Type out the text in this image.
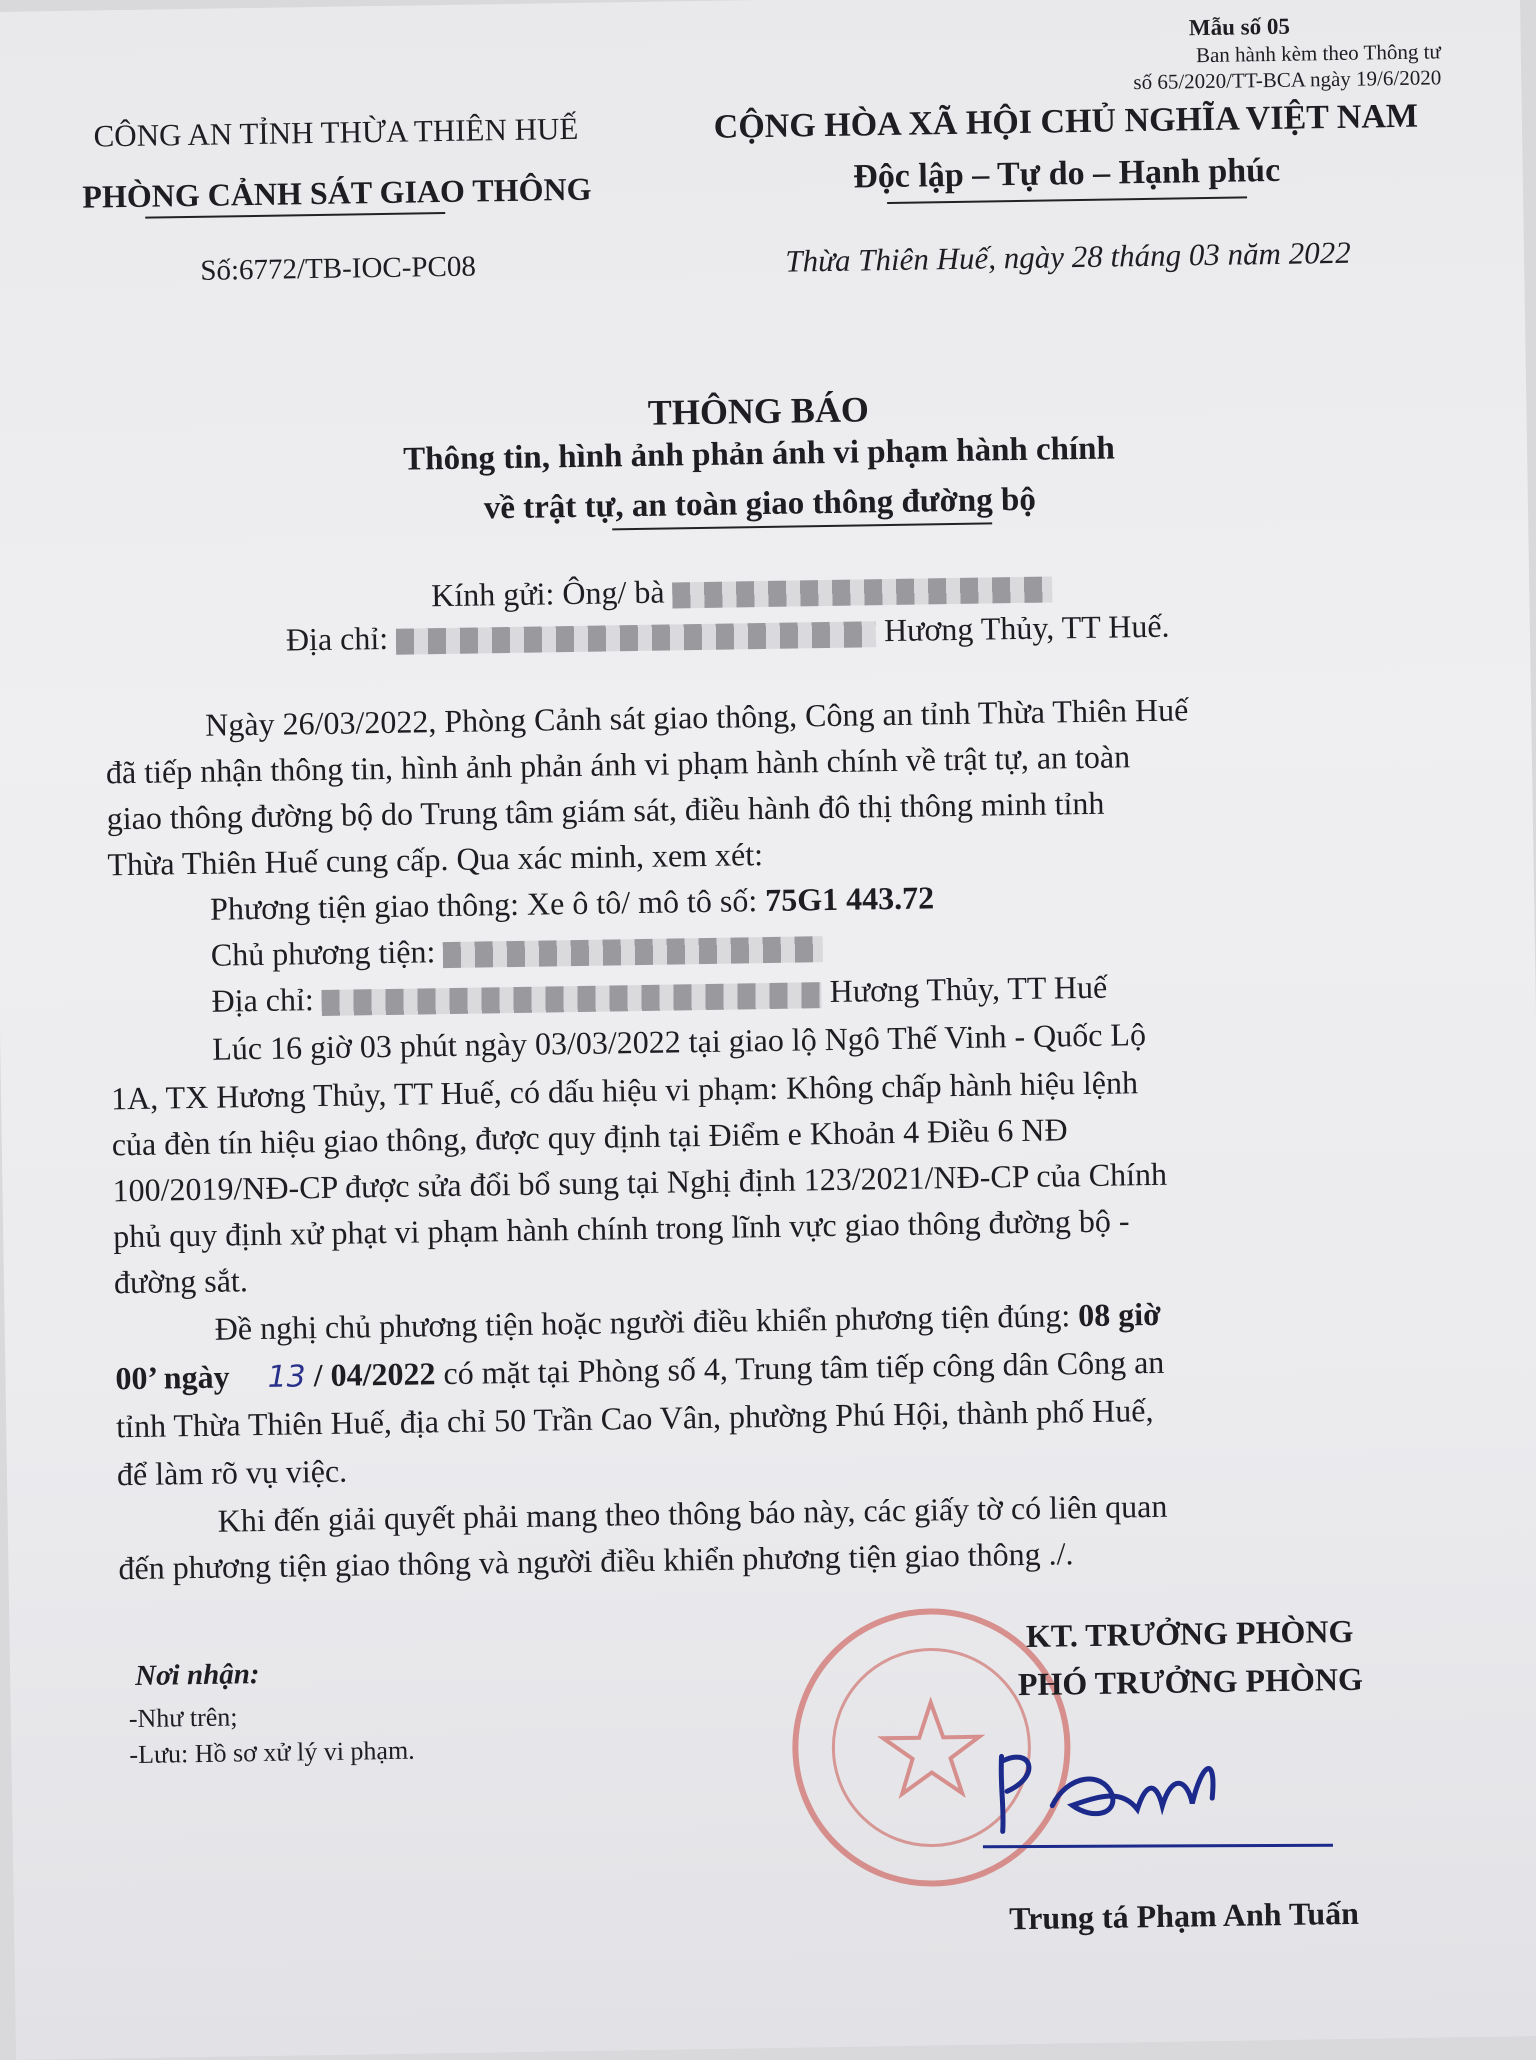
Mẫu số 05
Ban hành kèm theo Thông tư
số 65/2020/TT-BCA ngày 19/6/2020
CÔNG AN TỈNH THỪA THIÊN HUẾ
PHÒNG CẢNH SÁT GIAO THÔNG
Số:6772/TB-IOC-PC08
CỘNG HÒA XÃ HỘI CHỦ NGHĨA VIỆT NAM
Độc lập – Tự do – Hạnh phúc
Thừa Thiên Huế, ngày 28 tháng 03 năm 2022
THÔNG BÁO
Thông tin, hình ảnh phản ánh vi phạm hành chính
về trật tự, an toàn giao thông đường bộ
Kính gửi: Ông/ bà
Địa chỉ:	Hương Thủy, TT Huế.
Ngày 26/03/2022, Phòng Cảnh sát giao thông, Công an tỉnh Thừa Thiên Huế
đã tiếp nhận thông tin, hình ảnh phản ánh vi phạm hành chính về trật tự, an toàn
giao thông đường bộ do Trung tâm giám sát, điều hành đô thị thông minh tỉnh
Thừa Thiên Huế cung cấp. Qua xác minh, xem xét:
Phương tiện giao thông: Xe ô tô/ mô tô số: 75G1 443.72
Chủ phương tiện:
Địa chỉ:	Hương Thủy, TT Huế
Lúc 16 giờ 03 phút ngày 03/03/2022 tại giao lộ Ngô Thế Vinh - Quốc Lộ
1A, TX Hương Thủy, TT Huế, có dấu hiệu vi phạm: Không chấp hành hiệu lệnh
của đèn tín hiệu giao thông, được quy định tại Điểm e Khoản 4 Điều 6 NĐ
100/2019/NĐ-CP được sửa đổi bổ sung tại Nghị định 123/2021/NĐ-CP của Chính
phủ quy định xử phạt vi phạm hành chính trong lĩnh vực giao thông đường bộ -
đường sắt.
Đề nghị chủ phương tiện hoặc người điều khiển phương tiện đúng: 08 giờ
00’ ngày 13 / 04/2022 có mặt tại Phòng số 4, Trung tâm tiếp công dân Công an
tỉnh Thừa Thiên Huế, địa chỉ 50 Trần Cao Vân, phường Phú Hội, thành phố Huế,
để làm rõ vụ việc.
Khi đến giải quyết phải mang theo thông báo này, các giấy tờ có liên quan
đến phương tiện giao thông và người điều khiển phương tiện giao thông ./.
Nơi nhận:
-Như trên;
-Lưu: Hồ sơ xử lý vi phạm.
KT. TRƯỞNG PHÒNG
PHÓ TRƯỞNG PHÒNG
Trung tá Phạm Anh Tuấn
